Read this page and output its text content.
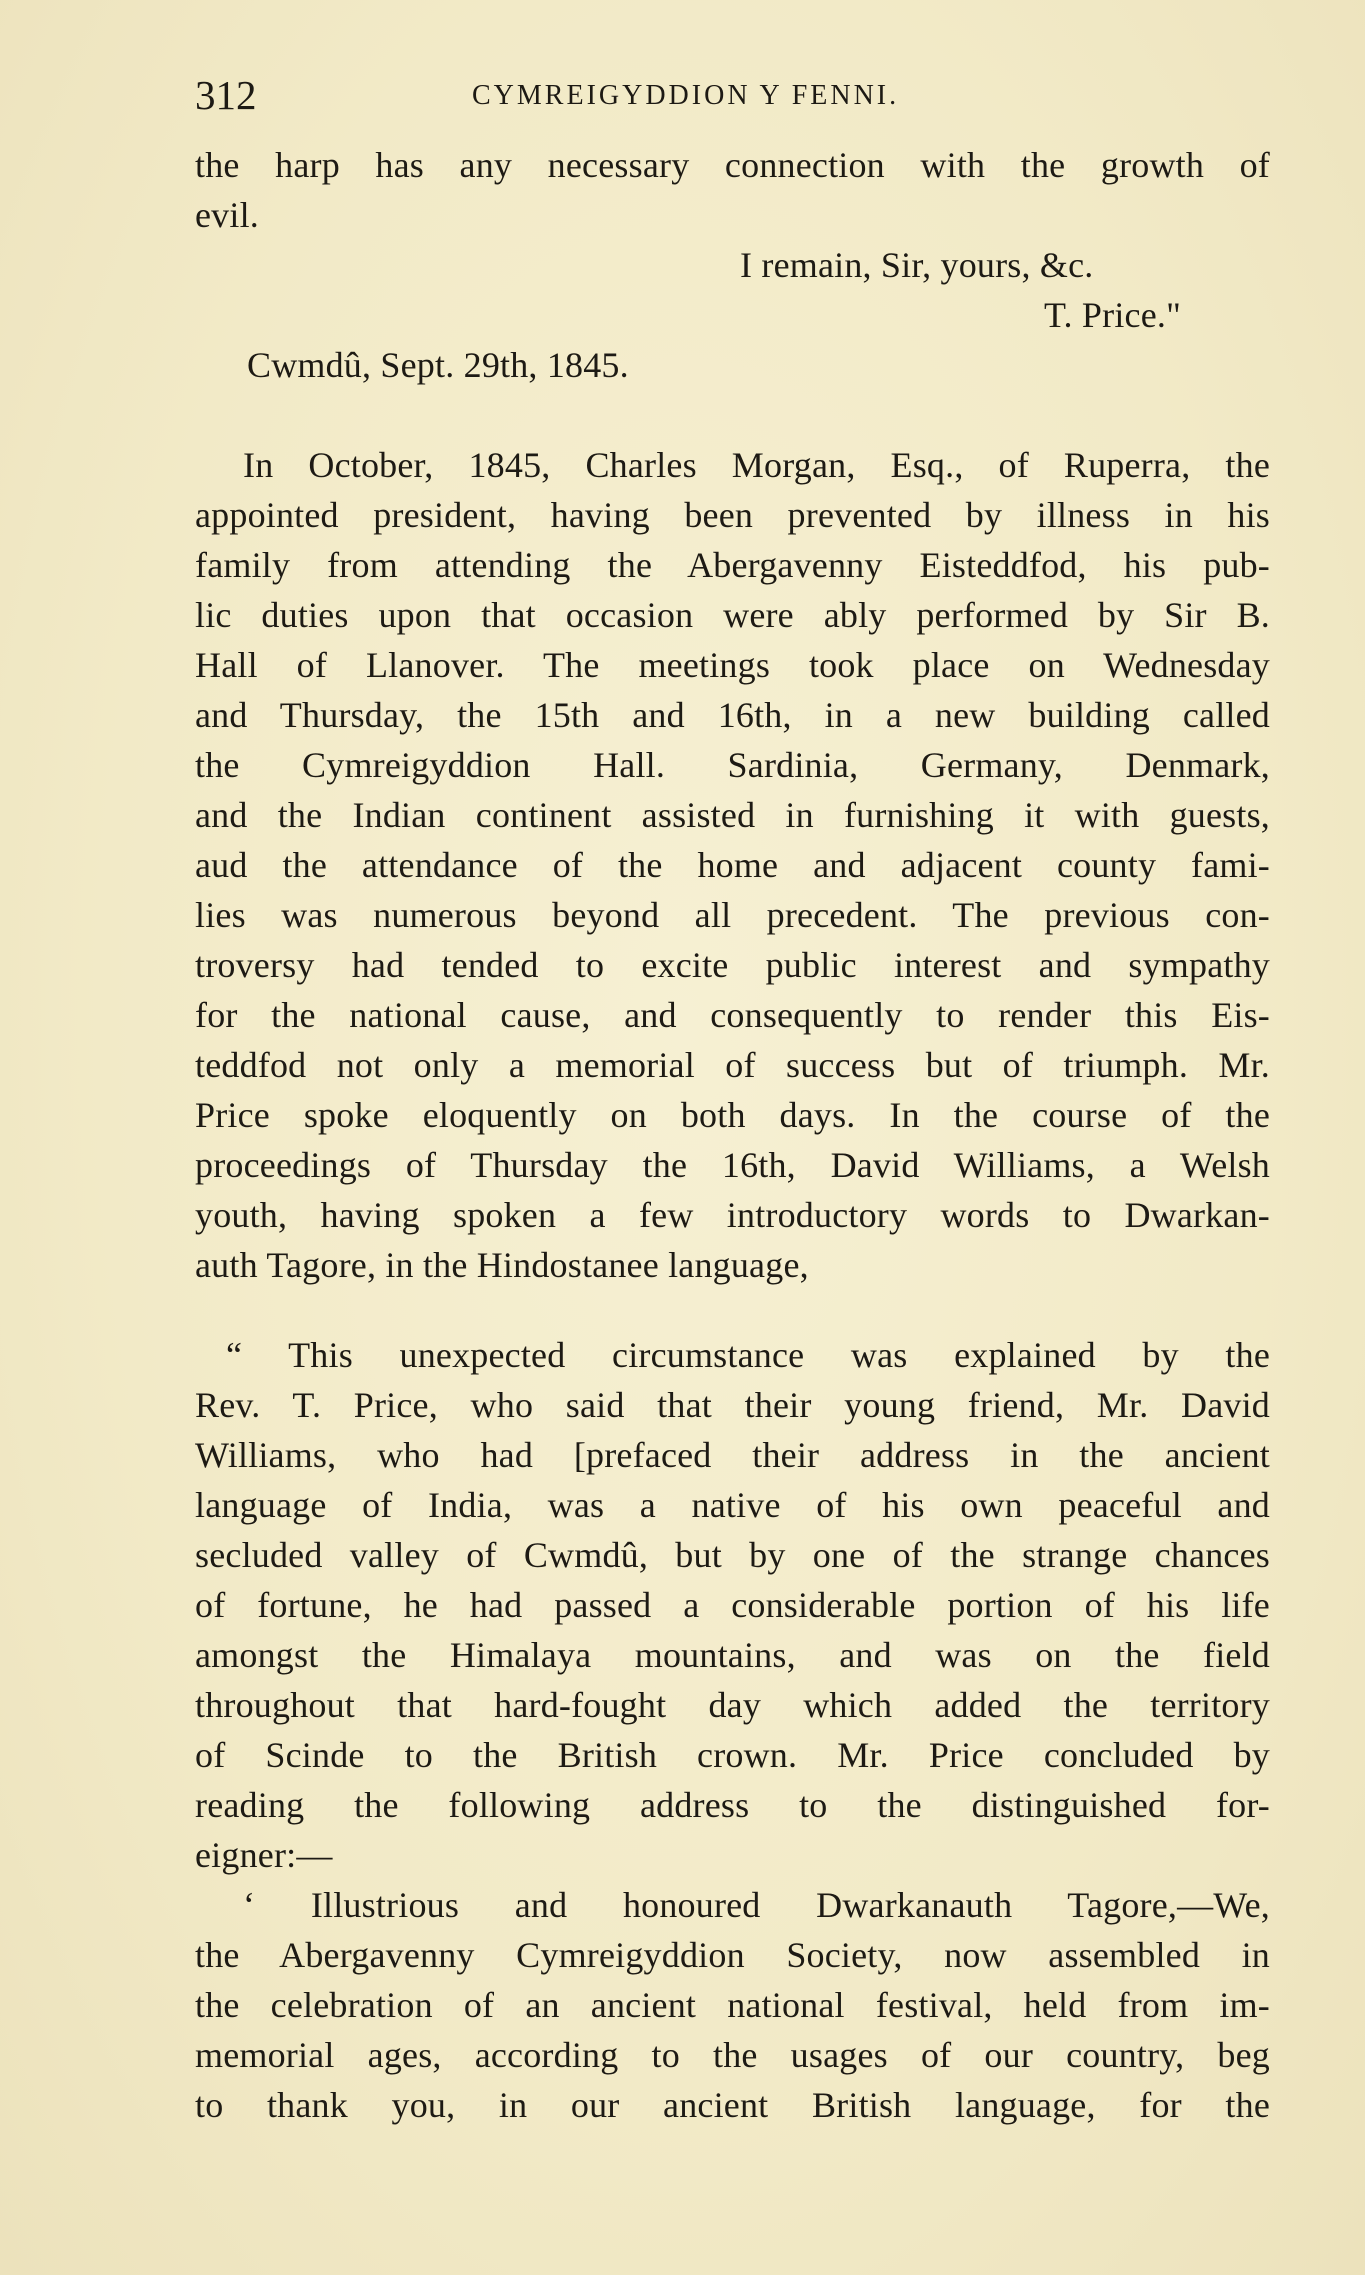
312	CYMREIGYDDION Y FENNI.
the harp has any necessary connection with the growth of
evil.
I remain, Sir, yours, &c.
T. Price."
Cwmdû, Sept. 29th, 1845.
In October, 1845, Charles Morgan, Esq., of Ruperra, the
appointed president, having been prevented by illness in his
family from attending the Abergavenny Eisteddfod, his pub-
lic duties upon that occasion were ably performed by Sir B.
Hall of Llanover. The meetings took place on Wednesday
and Thursday, the 15th and 16th, in a new building called
the Cymreigyddion Hall. Sardinia, Germany, Denmark,
and the Indian continent assisted in furnishing it with guests,
aud the attendance of the home and adjacent county fami-
lies was numerous beyond all precedent. The previous con-
troversy had tended to excite public interest and sympathy
for the national cause, and consequently to render this Eis-
teddfod not only a memorial of success but of triumph. Mr.
Price spoke eloquently on both days. In the course of the
proceedings of Thursday the 16th, David Williams, a Welsh
youth, having spoken a few introductory words to Dwarkan-
auth Tagore, in the Hindostanee language,
“ This unexpected circumstance was explained by the
Rev. T. Price, who said that their young friend, Mr. David
Williams, who had [prefaced their address in the ancient
language of India, was a native of his own peaceful and
secluded valley of Cwmdû, but by one of the strange chances
of fortune, he had passed a considerable portion of his life
amongst the Himalaya mountains, and was on the field
throughout that hard-fought day which added the territory
of Scinde to the British crown. Mr. Price concluded by
reading the following address to the distinguished for-
eigner:—
‘ Illustrious and honoured Dwarkanauth Tagore,—We,
the Abergavenny Cymreigyddion Society, now assembled in
the celebration of an ancient national festival, held from im-
memorial ages, according to the usages of our country, beg
to thank you, in our ancient British language, for the
